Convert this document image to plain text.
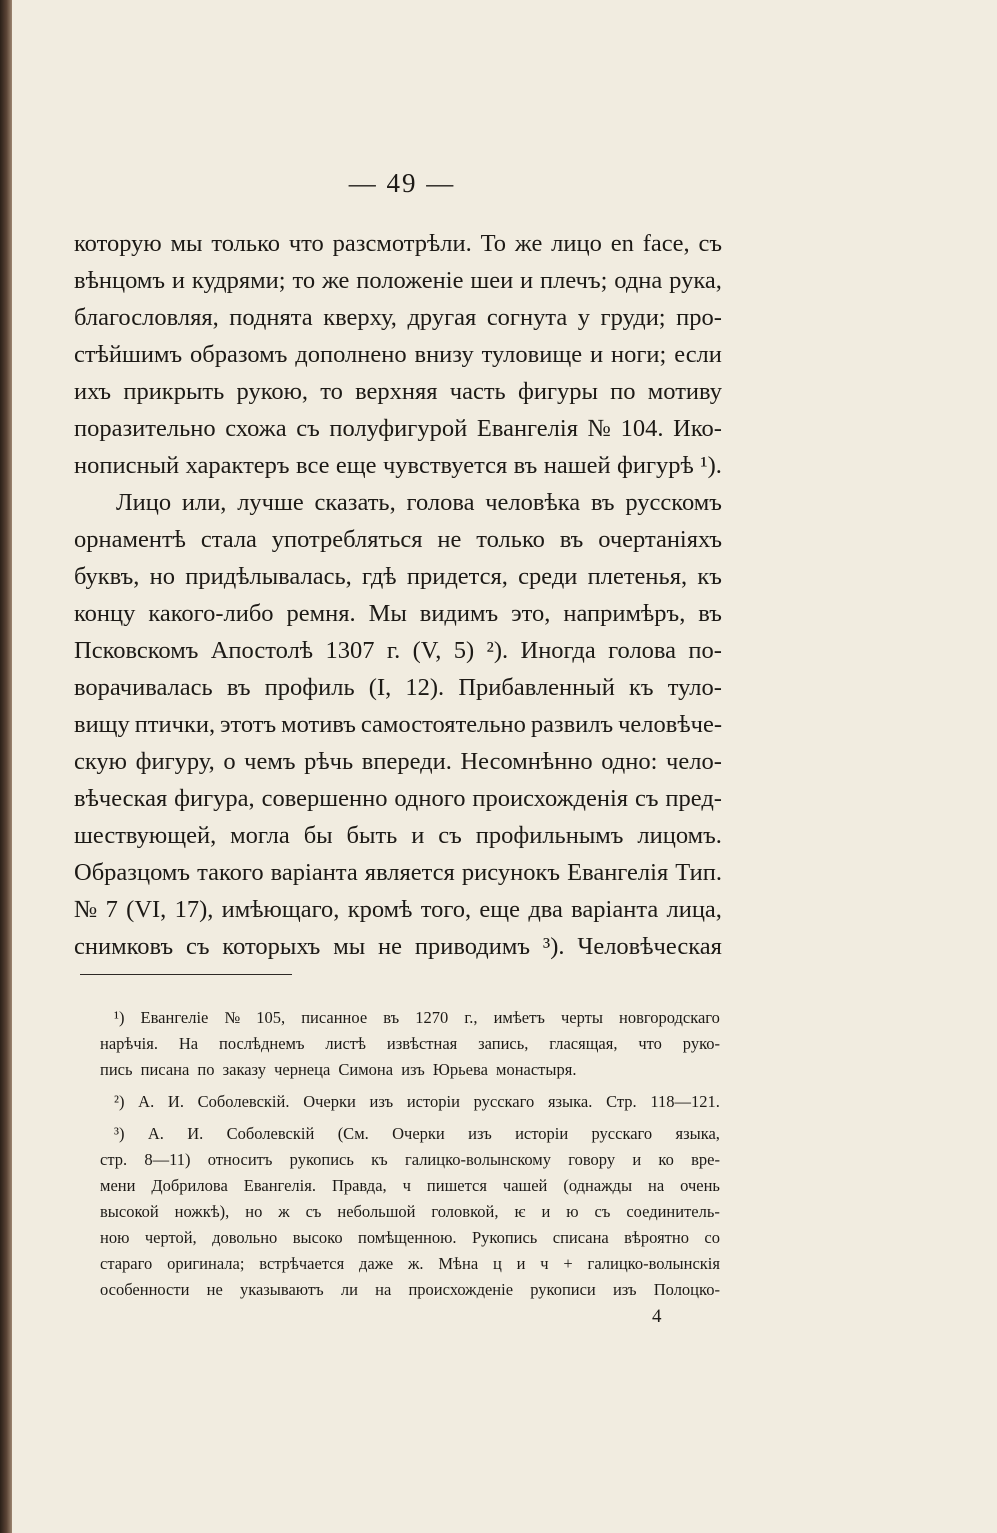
— 49 —
которую мы только что разсмотрѣли. То же лицо en face, съ
вѣнцомъ и кудрями; то же положеніе шеи и плечъ; одна рука,
благословляя, поднята кверху, другая согнута у груди; про-
стѣйшимъ образомъ дополнено внизу туловище и ноги; если
ихъ прикрыть рукою, то верхняя часть фигуры по мотиву
поразительно схожа съ полуфигурой Евангелія № 104. Ико-
нописный характеръ все еще чувствуется въ нашей фигурѣ ¹).
Лицо или, лучше сказать, голова человѣка въ русскомъ
орнаментѣ стала употребляться не только въ очертаніяхъ
буквъ, но придѣлывалась, гдѣ придется, среди плетенья, къ
концу какого-либо ремня. Мы видимъ это, напримѣръ, въ
Псковскомъ Апостолѣ 1307 г. (V, 5) ²). Иногда голова по-
ворачивалась въ профиль (I, 12). Прибавленный къ туло-
вищу птички, этотъ мотивъ самостоятельно развилъ человѣче-
скую фигуру, о чемъ рѣчь впереди. Несомнѣнно одно: чело-
вѣческая фигура, совершенно одного происхожденія съ пред-
шествующей, могла бы быть и съ профильнымъ лицомъ.
Образцомъ такого варіанта является рисунокъ Евангелія Тип.
№ 7 (VI, 17), имѣющаго, кромѣ того, еще два варіанта лица,
снимковъ съ которыхъ мы не приводимъ ³). Человѣческая
¹) Евангеліе № 105, писанное въ 1270 г., имѣетъ черты новгородскаго
нарѣчія. На послѣднемъ листѣ извѣстная запись, гласящая, что руко-
пись писана по заказу чернеца Симона изъ Юрьева монастыря.
²) А. И. Соболевскій. Очерки изъ исторіи русскаго языка. Стр. 118—121.
³) А. И. Соболевскій (См. Очерки изъ исторіи русскаго языка,
стр. 8—11) относитъ рукопись къ галицко-волынскому говору и ко вре-
мени Добрилова Евангелія. Правда, ч пишется чашей (однажды на очень
высокой ножкѣ), но ж съ небольшой головкой, ѥ и ю съ соединитель-
ною чертой, довольно высоко помѣщенною. Рукопись списана вѣроятно со
стараго оригинала; встрѣчается даже ж. Мѣна ц и ч + галицко-волынскія
особенности не указываютъ ли на происхожденіе рукописи изъ Полоцко-
4
